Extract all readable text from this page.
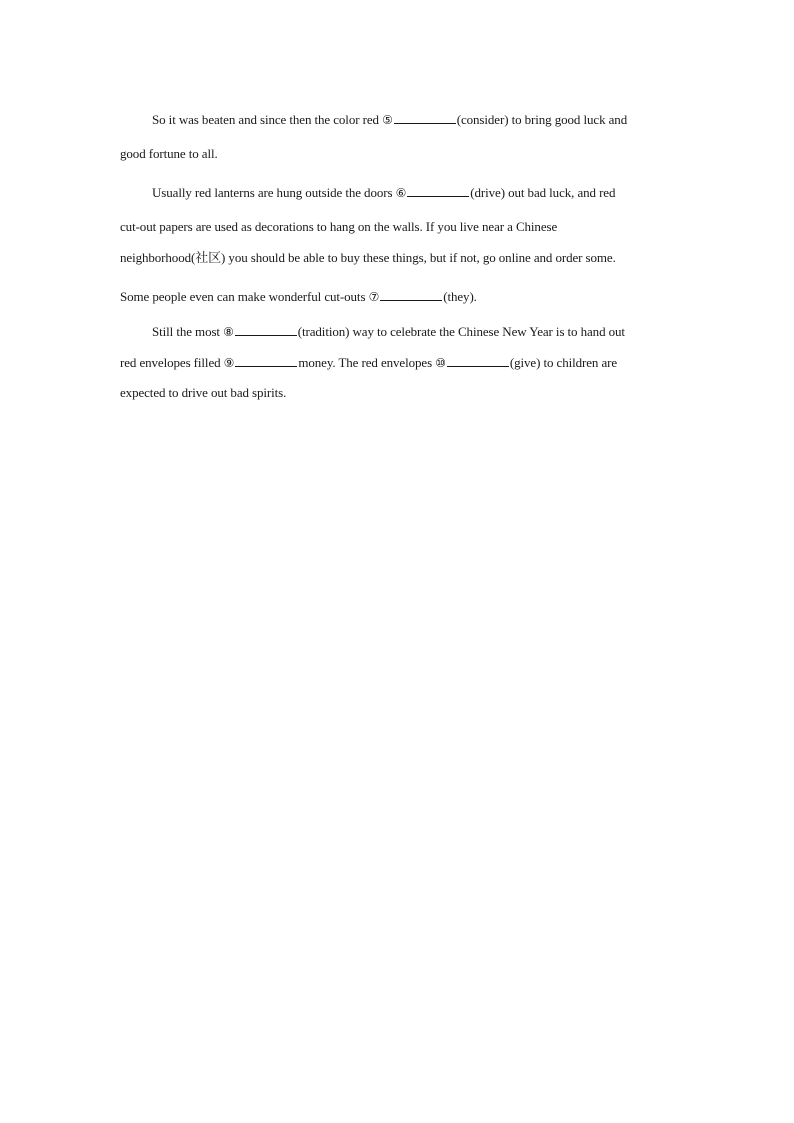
So it was beaten and since then the color red ⑤	(consider) to bring good luck and
good fortune to all.
Usually red lanterns are hung outside the doors ⑥	(drive) out bad luck, and red
cut-out papers are used as decorations to hang on the walls. If you live near a Chinese
neighborhood(社区) you should be able to buy these things, but if not, go online and order some.
Some people even can make wonderful cut-outs ⑦	(they).
Still the most ⑧	(tradition) way to celebrate the Chinese New Year is to hand out
red envelopes filled ⑨	money. The red envelopes ⑩	(give) to children are
expected to drive out bad spirits.
